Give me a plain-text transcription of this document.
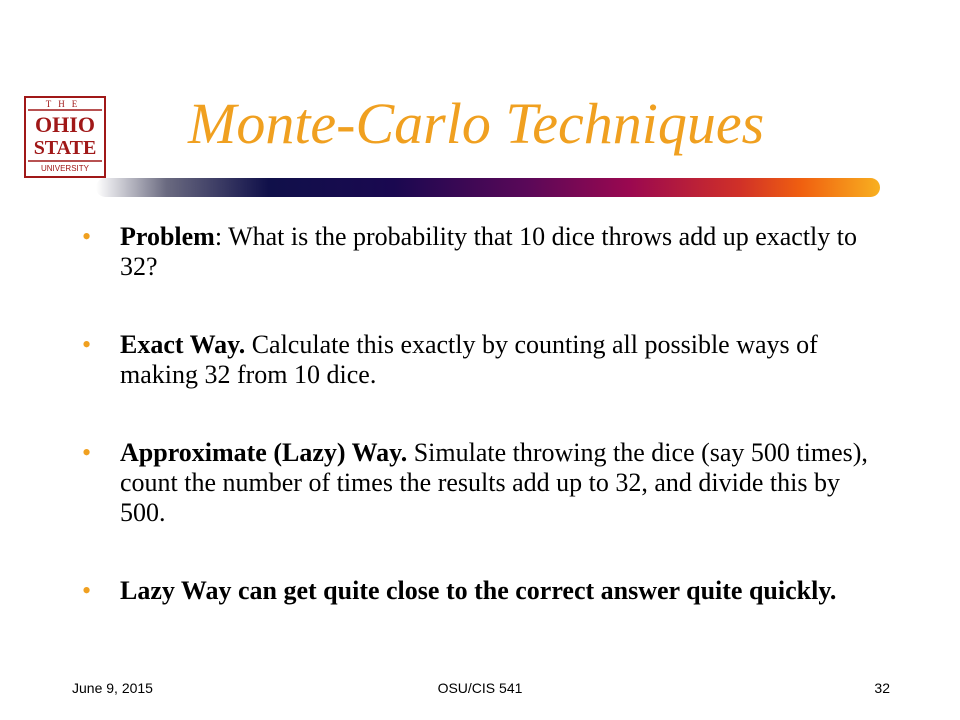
THE
OHIO
STATE
UNIVERSITY
Monte-Carlo Techniques
• Problem: What is the probability that 10 dice throws add up exactly to 32?
• Exact Way. Calculate this exactly by counting all possible ways of making 32 from 10 dice.
• Approximate (Lazy) Way. Simulate throwing the dice (say 500 times), count the number of times the results add up to 32, and divide this by 500.
• Lazy Way can get quite close to the correct answer quite quickly.
June 9, 2015	OSU/CIS 541	32
